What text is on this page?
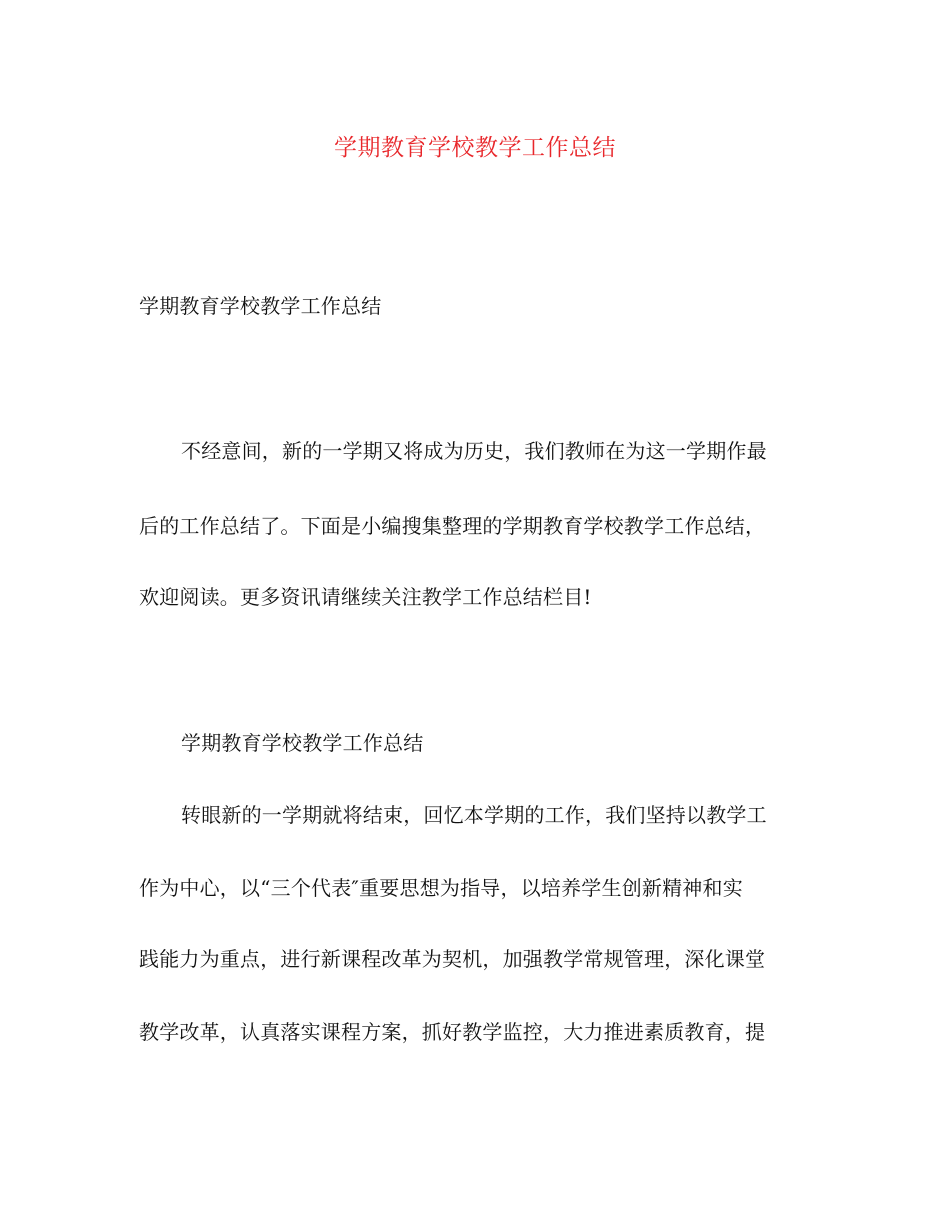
学期教育学校教学工作总结
学期教育学校教学工作总结
不经意间，新的一学期又将成为历史，我们教师在为这一学期作最
后的工作总结了。下面是小编搜集整理的学期教育学校教学工作总结，
欢迎阅读。更多资讯请继续关注教学工作总结栏目!
学期教育学校教学工作总结
转眼新的一学期就将结束，回忆本学期的工作，我们坚持以教学工
作为中心，以“三个代表″重要思想为指导，以培养学生创新精神和实
践能力为重点，进行新课程改革为契机，加强教学常规管理，深化课堂
教学改革，认真落实课程方案，抓好教学监控，大力推进素质教育，提
